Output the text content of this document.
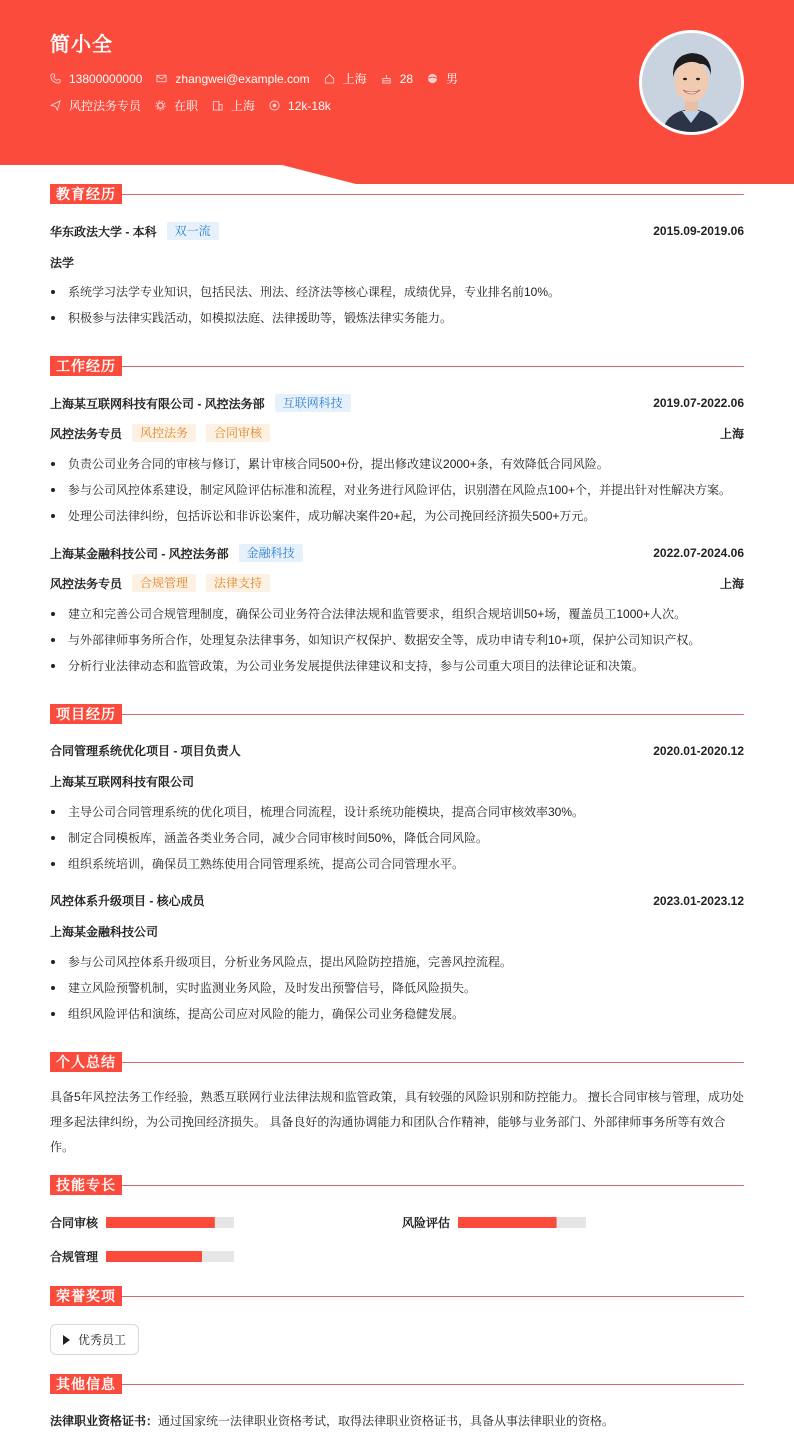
简小全
13800000000	zhangwei@example.com	上海	28	男
风控法务专员	在职	上海	12k-18k
教育经历
华东政法大学 - 本科	双一流	2015.09-2019.06
法学
系统学习法学专业知识，包括民法、刑法、经济法等核心课程，成绩优异，专业排名前10%。
积极参与法律实践活动，如模拟法庭、法律援助等，锻炼法律实务能力。
工作经历
上海某互联网科技有限公司 - 风控法务部	互联网科技	2019.07-2022.06
风控法务专员	风控法务	合同审核	上海
负责公司业务合同的审核与修订，累计审核合同500+份，提出修改建议2000+条，有效降低合同风险。
参与公司风控体系建设，制定风险评估标准和流程，对业务进行风险评估，识别潜在风险点100+个，并提出针对性解决方案。
处理公司法律纠纷，包括诉讼和非诉讼案件，成功解决案件20+起，为公司挽回经济损失500+万元。
上海某金融科技公司 - 风控法务部	金融科技	2022.07-2024.06
风控法务专员	合规管理	法律支持	上海
建立和完善公司合规管理制度，确保公司业务符合法律法规和监管要求，组织合规培训50+场，覆盖员工1000+人次。
与外部律师事务所合作，处理复杂法律事务，如知识产权保护、数据安全等，成功申请专利10+项，保护公司知识产权。
分析行业法律动态和监管政策，为公司业务发展提供法律建议和支持，参与公司重大项目的法律论证和决策。
项目经历
合同管理系统优化项目 - 项目负责人	2020.01-2020.12
上海某互联网科技有限公司
主导公司合同管理系统的优化项目，梳理合同流程，设计系统功能模块，提高合同审核效率30%。
制定合同模板库，涵盖各类业务合同，减少合同审核时间50%，降低合同风险。
组织系统培训，确保员工熟练使用合同管理系统，提高公司合同管理水平。
风控体系升级项目 - 核心成员	2023.01-2023.12
上海某金融科技公司
参与公司风控体系升级项目，分析业务风险点，提出风险防控措施，完善风控流程。
建立风险预警机制，实时监测业务风险，及时发出预警信号，降低风险损失。
组织风险评估和演练，提高公司应对风险的能力，确保公司业务稳健发展。
个人总结
具备5年风控法务工作经验，熟悉互联网行业法律法规和监管政策，具有较强的风险识别和防控能力。 擅长合同审核与管理，成功处理多起法律纠纷，为公司挽回经济损失。 具备良好的沟通协调能力和团队合作精神，能够与业务部门、外部律师事务所等有效合作。
技能专长
合同审核	风险评估
合规管理
荣誉奖项
优秀员工
其他信息
法律职业资格证书：通过国家统一法律职业资格考试，取得法律职业资格证书，具备从事法律职业的资格。
